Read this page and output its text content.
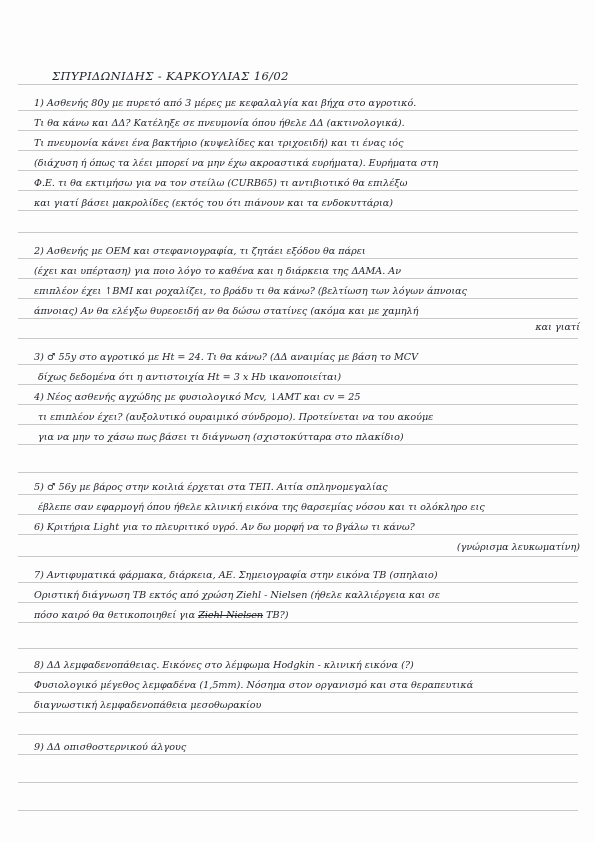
ΣΠΥΡΙΔΩΝΙΔΗΣ - ΚΑΡΚΟΥΛΙΑΣ 16/02
1) Ασθενής 80y με πυρετό από 3 μέρες με κεφαλαλγία και βήχα στο αγροτικό.
Τι θα κάνω και ΔΔ? Κατέληξε σε πνευμονία όπου ήθελε ΔΔ (ακτινολογικά).
Τι πνευμονία κάνει ένα βακτήριο (κυψελίδες και τριχοειδή) και τι ένας ιός
(διάχυση ή όπως τα λέει μπορεί να μην έχω ακροαστικά ευρήματα). Ευρήματα στη
Φ.Ε. τι θα εκτιμήσω για να τον στείλω (CURB65) τι αντιβιοτικό θα επιλέξω
και γιατί βάσει μακρολίδες (εκτός του ότι πιάνουν και τα ενδοκυττάρια)
2) Ασθενής με ΟΕΜ και στεφανιογραφία, τι ζητάει εξόδου θα πάρει
(έχει και υπέρταση) για ποιο λόγο το καθένα και η διάρκεια της ΔΑΜΑ. Αν
επιπλέον έχει ↑ΒΜΙ και ροχαλίζει, το βράδυ τι θα κάνω? (βελτίωση των λόγων άπνοιας
άπνοιας) Αν θα ελέγξω θυρεοειδή αν θα δώσω στατίνες (ακόμα και με χαμηλή
και γιατί
3) ♂ 55y στο αγροτικό με Ht = 24. Τι θα κάνω? (ΔΔ αναιμίας με βάση το MCV
δίχως δεδομένα ότι η αντιστοιχία Ht = 3 x Hb ικανοποιείται)
4) Νέος ασθενής αγχώδης με φυσιολογικό Mcv, ↓ΑΜΤ και cv = 25
τι επιπλέον έχει? (αυξολυτικό ουραιμικό σύνδρομο). Προτείνεται να του ακούμε
για να μην το χάσω πως βάσει τι διάγνωση (σχιστοκύτταρα στο πλακίδιο)
5) ♂ 56y με βάρος στην κοιλιά έρχεται στα ΤΕΠ. Αιτία σπληνομεγαλίας
έβλεπε σαν εφαρμογή όπου ήθελε κλινική εικόνα της θαρσεμίας νόσου και τι ολόκληρο εις
6) Κριτήρια Light για το πλευριτικό υγρό. Αν δω μορφή να το βγάλω τι κάνω?
(γνώρισμα λευκωματίνη)
7) Αντιφυματικά φάρμακα, διάρκεια, ΑΕ. Σημειογραφία στην εικόνα ΤΒ (σπηλαιο)
Οριστική διάγνωση ΤΒ εκτός από χρώση Ziehl - Nielsen (ήθελε καλλιέργεια και σε
πόσο καιρό θα θετικοποιηθεί για Ziehl-Nielsen ΤΒ?)
8) ΔΔ λεμφαδενοπάθειας. Εικόνες στο λέμφωμα Hodgkin - κλινική εικόνα (?)
Φυσιολογικό μέγεθος λεμφαδένα (1,5mm). Νόσημα στον οργανισμό και στα θεραπευτικά
διαγνωστική λεμφαδενοπάθεια μεσοθωρακίου
9) ΔΔ οπισθοστερνικού άλγους
